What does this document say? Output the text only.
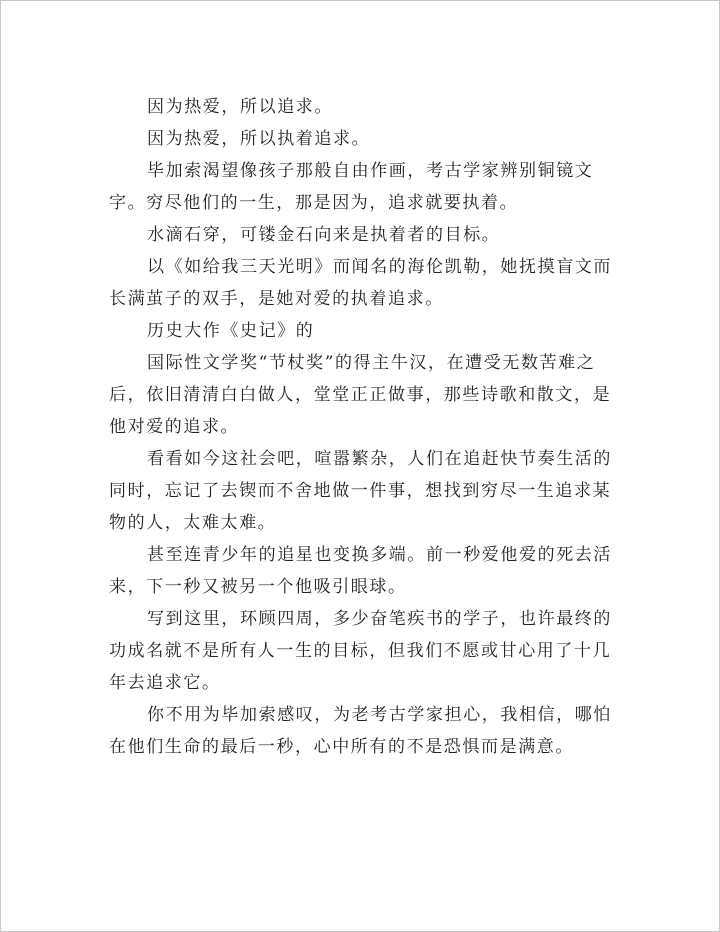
因为热爱，所以追求。

因为热爱，所以执着追求。

毕加索渴望像孩子那般自由作画，考古学家辨别铜镜文字。穷尽他们的一生，那是因为，追求就要执着。

水滴石穿，可镂金石向来是执着者的目标。

以《如给我三天光明》而闻名的海伦凯勒，她抚摸盲文而长满茧子的双手，是她对爱的执着追求。

历史大作《史记》的

国际性文学奖“节杖奖”的得主牛汉，在遭受无数苦难之后，依旧清清白白做人，堂堂正正做事，那些诗歌和散文，是他对爱的追求。

看看如今这社会吧，喧嚣繁杂，人们在追赶快节奏生活的同时，忘记了去锲而不舍地做一件事，想找到穷尽一生追求某物的人，太难太难。

甚至连青少年的追星也变换多端。前一秒爱他爱的死去活来，下一秒又被另一个他吸引眼球。

写到这里，环顾四周，多少奋笔疾书的学子，也许最终的功成名就不是所有人一生的目标，但我们不愿或甘心用了十几年去追求它。

你不用为毕加索感叹，为老考古学家担心，我相信，哪怕在他们生命的最后一秒，心中所有的不是恐惧而是满意。
